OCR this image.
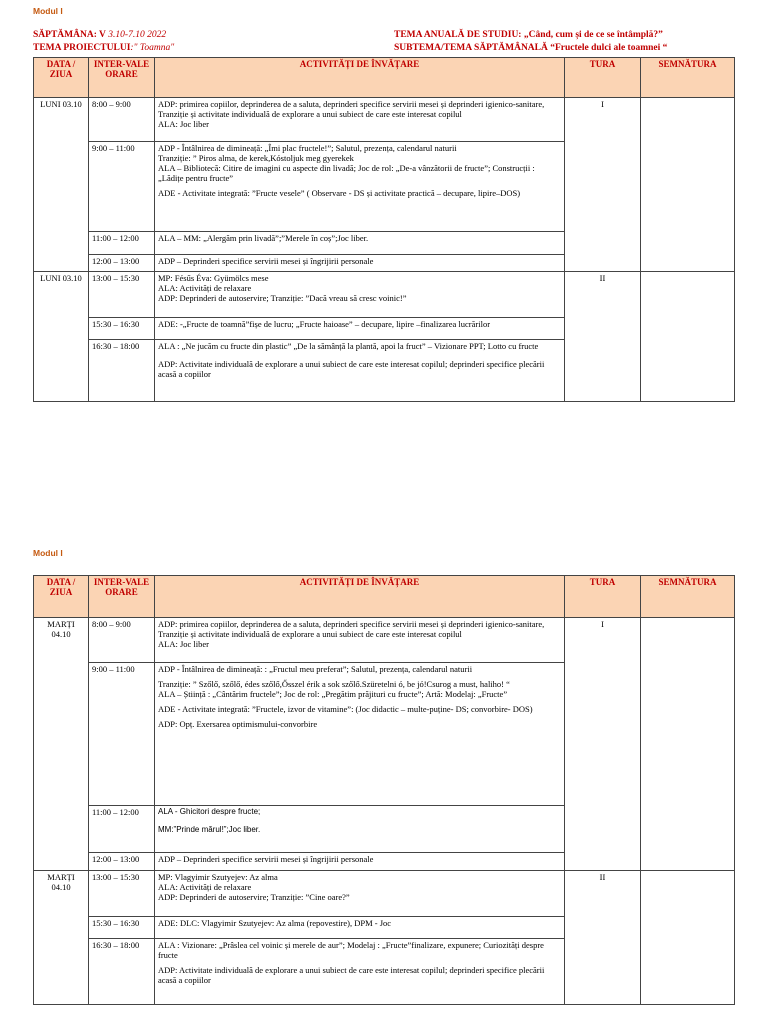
Modul I
SĂPTĂMÂNA: V 3.10-7.10 2022
TEMA PROIECTULUI:" Toamna"
TEMA ANUALĂ DE STUDIU: „Când, cum și de ce se întâmplă?”
SUBTEMA/TEMA SĂPTĂMÂNALĂ “Fructele dulci ale toamnei “
DATA / ZIUA	INTER-VALE ORARE	ACTIVITĂȚI DE ÎNVĂȚARE	TURA	SEMNĂTURA
LUNI 03.10	8:00 – 9:00	ADP: primirea copiilor, deprinderea de a saluta, deprinderi specifice servirii mesei și deprinderi igienico-sanitare, Tranziție și activitate individuală de explorare a unui subiect de care este interesat copilul

ALA: Joc liber	I	
	9:00 – 11:00	ADP - Întâlnirea de dimineață: „Îmi plac fructele!”; Salutul, prezența, calendarul naturii

Tranziție: ” Piros alma, de kerek,Kóstoljuk meg gyerekek

ALA – Bibliotecă: Citire de imagini cu aspecte din livadă; Joc de rol: „De-a vânzătorii de fructe”; Construcții : „Lădițe pentru fructe”

ADE - Activitate integrată: ”Fructe vesele” ( Observare - DS și activitate practică – decupare, lipire–DOS)		

	11:00 – 12:00	ALA – MM: „Alergăm prin livadă”;”Merele în coș”;Joc liber.		

	12:00 – 13:00	ADP – Deprinderi specifice servirii mesei și îngrijirii personale		

LUNI 03.10	13:00 – 15:30	MP: Fésűs Éva: Gyümölcs mese

ALA: Activități de relaxare

ADP: Deprinderi de autoservire; Tranziție: ”Dacă vreau să cresc voinic!”	II	
	15:30 – 16:30	ADE: -„Fructe de toamnă”fișe de lucru; „Fructe haioase” – decupare, lipire –finalizarea lucrărilor		

	16:30 – 18:00	ALA : „Ne jucăm cu fructe din plastic” „De la sămânță la plantă, apoi la fruct” – Vizionare PPT; Lotto cu fructe

ADP: Activitate individuală de explorare a unui subiect de care este interesat copilul; deprinderi specifice plecării acasă a copiilor		

Modul I
DATA / ZIUA	INTER-VALE ORARE	ACTIVITĂȚI DE ÎNVĂȚARE	TURA	SEMNĂTURA
MARȚI 04.10	8:00 – 9:00	ADP: primirea copiilor, deprinderea de a saluta, deprinderi specifice servirii mesei și deprinderi igienico-sanitare, Tranziție și activitate individuală de explorare a unui subiect de care este interesat copilul

ALA: Joc liber	I	
	9:00 – 11:00	ADP - Întâlnirea de dimineață: : „Fructul meu preferat”; Salutul, prezența, calendarul naturii

Tranziție: ” Szőlő, szőlő, édes szőlő,Ősszel érik a sok szőlő.Szüretelni ó, be jó!Csurog a must, haliho! “

ALA – Știință : „Cântărim fructele”; Joc de rol: „Pregătim prăjituri cu fructe”; Artă: Modelaj: „Fructe”

ADE - Activitate integrată: ”Fructele, izvor de vitamine”: (Joc didactic – multe-puține- DS; convorbire- DOS)

ADP: Opț. Exersarea optimismului-convorbire		

	11:00 – 12:00	ALA - Ghicitori despre fructe;

MM:”Prinde mărul!”;Joc liber.		

	12:00 – 13:00	ADP – Deprinderi specifice servirii mesei și îngrijirii personale		

MARȚI 04.10	13:00 – 15:30	MP: Vlagyimir Szutyejev: Az alma

ALA: Activități de relaxare

ADP: Deprinderi de autoservire; Tranziție: ”Cine oare?”	II	
	15:30 – 16:30	ADE: DLC: Vlagyimir Szutyejev: Az alma (repovestire), DPM - Joc		

	16:30 – 18:00	ALA : Vizionare: „Prâslea cel voinic și merele de aur”; Modelaj : „Fructe”finalizare, expunere; Curiozități despre fructe

ADP: Activitate individuală de explorare a unui subiect de care este interesat copilul; deprinderi specifice plecării acasă a copiilor		
